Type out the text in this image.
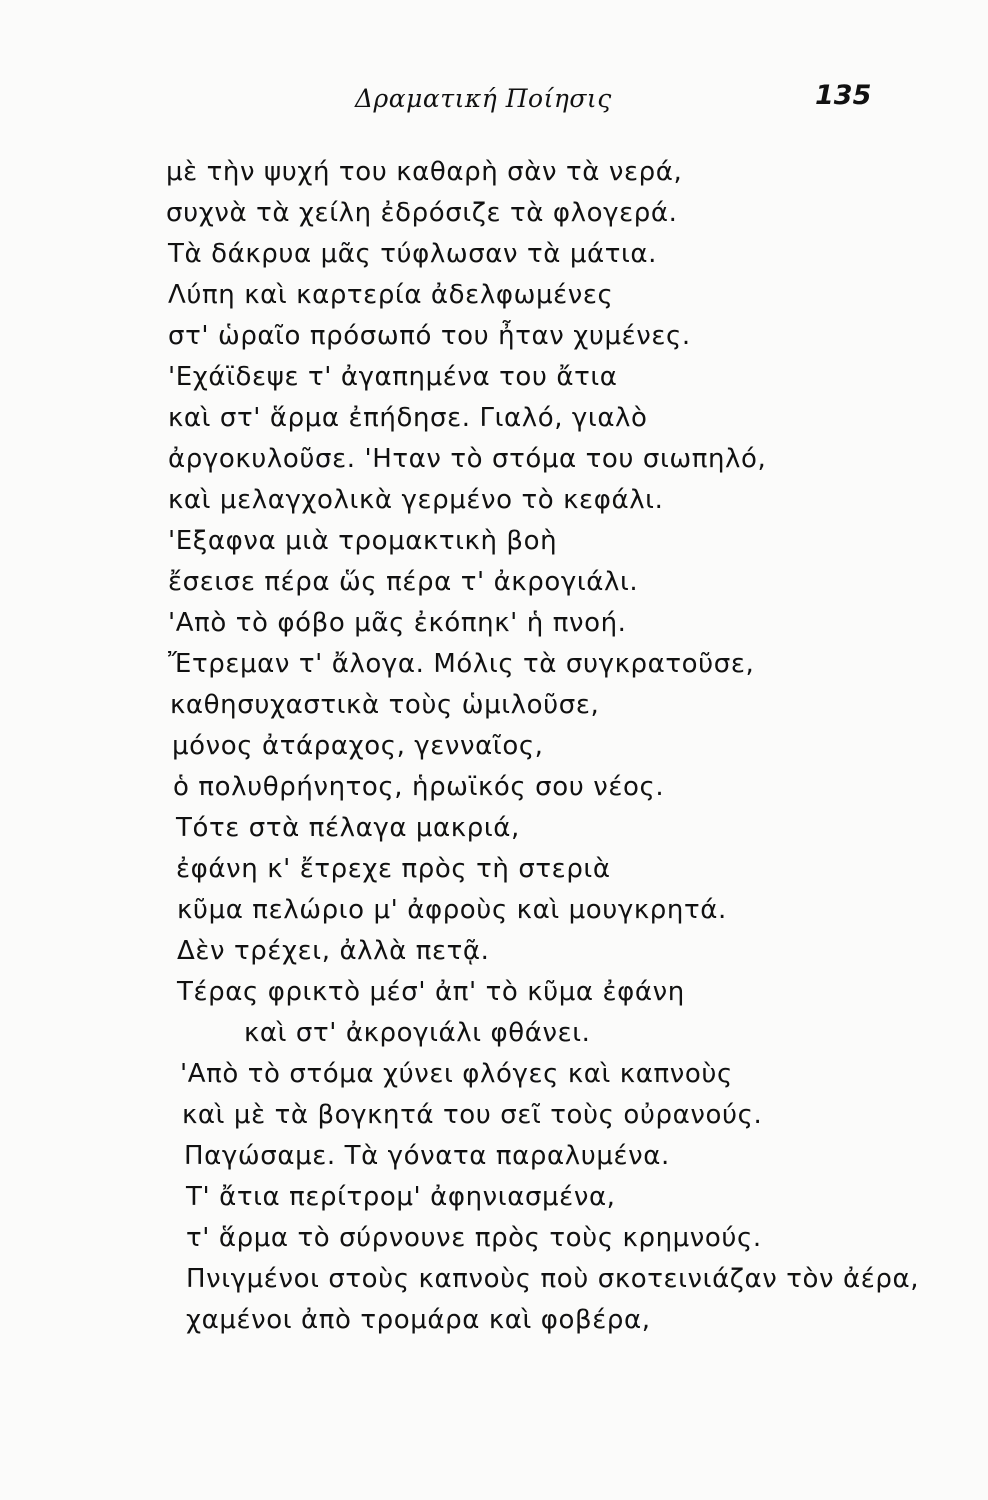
Δραματική Ποίησις	135
μὲ τὴν ψυχή του καθαρὴ σὰν τὰ νερά,
συχνὰ τὰ χείλη ἐδρόσιζε τὰ φλογερά.
Τὰ δάκρυα μᾶς τύφλωσαν τὰ μάτια.
Λύπη καὶ καρτερία ἀδελφωμένες
στ' ὡραῖο πρόσωπό του ἦταν χυμένες.
'Εχάϊδεψε τ' ἀγαπημένα του ἄτια
καὶ στ' ἅρμα ἐπήδησε. Γιαλό, γιαλὸ
ἀργοκυλοῦσε. 'Ηταν τὸ στόμα του σιωπηλό,
καὶ μελαγχολικὰ γερμένο τὸ κεφάλι.
'Εξαφνα μιὰ τρομακτικὴ βοὴ
ἔσεισε πέρα ὥς πέρα τ' ἀκρογιάλι.
'Απὸ τὸ φόβο μᾶς ἐκόπηκ' ἡ πνοή.
Ἔτρεμαν τ' ἄλογα. Μόλις τὰ συγκρατοῦσε,
καθησυχαστικὰ τοὺς ὡμιλοῦσε,
μόνος ἀτάραχος, γενναῖος,
ὁ πολυθρήνητος, ἡρωϊκός σου νέος.
Τότε στὰ πέλαγα μακριά,
ἐφάνη κ' ἔτρεχε πρὸς τὴ στεριὰ
κῦμα πελώριο μ' ἀφροὺς καὶ μουγκρητά.
Δὲν τρέχει, ἀλλὰ πετᾷ.
Τέρας φρικτὸ μέσ' ἀπ' τὸ κῦμα ἐφάνη
καὶ στ' ἀκρογιάλι φθάνει.
'Απὸ τὸ στόμα χύνει φλόγες καὶ καπνοὺς
καὶ μὲ τὰ βογκητά του σεῖ τοὺς οὐρανούς.
Παγώσαμε. Τὰ γόνατα παραλυμένα.
Τ' ἄτια περίτρομ' ἀφηνιασμένα,
τ' ἅρμα τὸ σύρνουνε πρὸς τοὺς κρημνούς.
Πνιγμένοι στοὺς καπνοὺς ποὺ σκοτεινιάζαν τὸν ἀέρα,
χαμένοι ἀπὸ τρομάρα καὶ φοβέρα,
